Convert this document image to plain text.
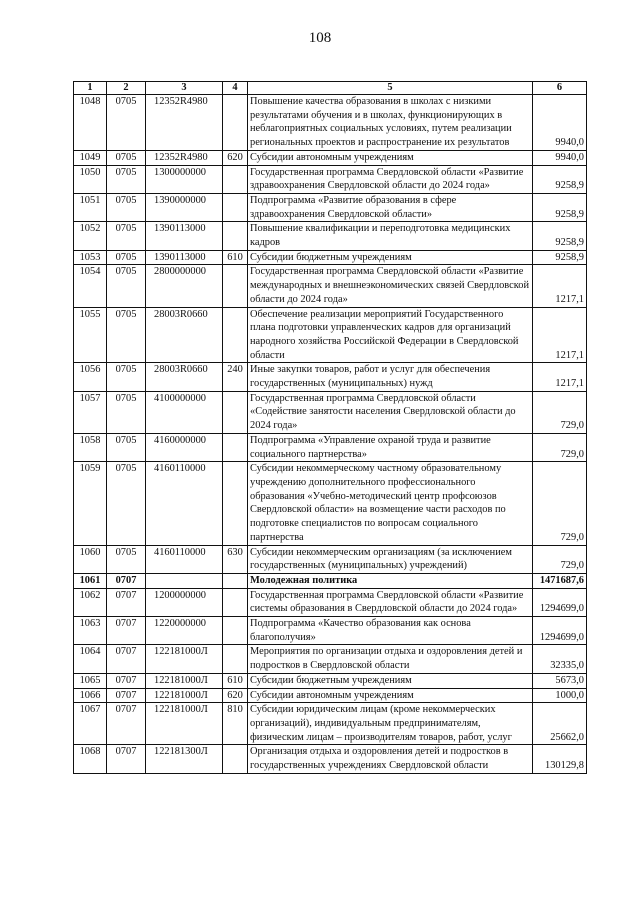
108
1	2	3	4	5	6
1048	0705	12352R4980		Повышение качества образования в школах с низкими результатами обучения и в школах, функционирующих в неблагоприятных социальных условиях, путем реализации региональных проектов и распространение их результатов	9940,0
1049	0705	12352R4980	620	Субсидии автономным учреждениям	9940,0
1050	0705	1300000000		Государственная программа Свердловской области «Развитие здравоохранения Свердловской области до 2024 года»	9258,9
1051	0705	1390000000		Подпрограмма «Развитие образования в сфере здравоохранения Свердловской области»	9258,9
1052	0705	1390113000		Повышение квалификации и переподготовка медицинских кадров	9258,9
1053	0705	1390113000	610	Субсидии бюджетным учреждениям	9258,9
1054	0705	2800000000		Государственная программа Свердловской области «Развитие международных и внешнеэкономических связей Свердловской области до 2024 года»	1217,1
1055	0705	28003R0660		Обеспечение реализации мероприятий Государственного плана подготовки управленческих кадров для организаций народного хозяйства Российской Федерации в Свердловской области	1217,1
1056	0705	28003R0660	240	Иные закупки товаров, работ и услуг для обеспечения государственных (муниципальных) нужд	1217,1
1057	0705	4100000000		Государственная программа Свердловской области «Содействие занятости населения Свердловской области до 2024 года»	729,0
1058	0705	4160000000		Подпрограмма «Управление охраной труда и развитие социального партнерства»	729,0
1059	0705	4160110000		Субсидии некоммерческому частному образовательному учреждению дополнительного профессионального образования «Учебно-методический центр профсоюзов Свердловской области» на возмещение части расходов по подготовке специалистов по вопросам социального партнерства	729,0
1060	0705	4160110000	630	Субсидии некоммерческим организациям (за исключением государственных (муниципальных) учреждений)	729,0
1061	0707			Молодежная политика	1471687,6
1062	0707	1200000000		Государственная программа Свердловской области «Развитие системы образования в Свердловской области до 2024 года»	1294699,0
1063	0707	1220000000		Подпрограмма «Качество образования как основа благополучия»	1294699,0
1064	0707	122181000Л		Мероприятия по организации отдыха и оздоровления детей и подростков в Свердловской области	32335,0
1065	0707	122181000Л	610	Субсидии бюджетным учреждениям	5673,0
1066	0707	122181000Л	620	Субсидии автономным учреждениям	1000,0
1067	0707	122181000Л	810	Субсидии юридическим лицам (кроме некоммерческих организаций), индивидуальным предпринимателям, физическим лицам – производителям товаров, работ, услуг	25662,0
1068	0707	122181300Л		Организация отдыха и оздоровления детей и подростков в государственных учреждениях Свердловской области	130129,8
